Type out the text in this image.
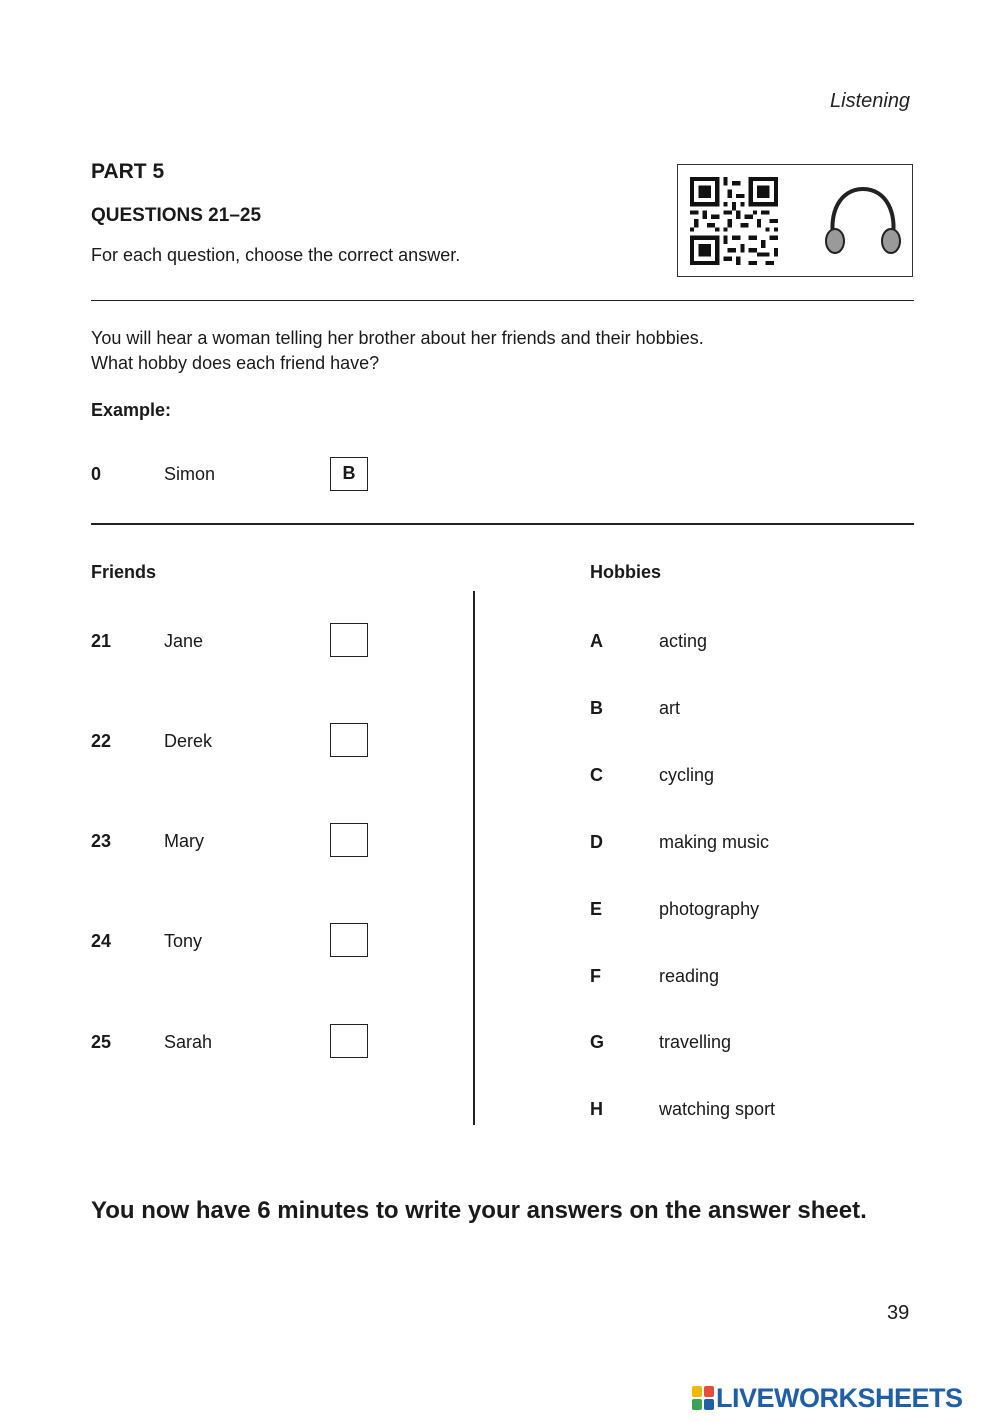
Listening
PART 5
QUESTIONS 21–25
For each question, choose the correct answer.
You will hear a woman telling her brother about her friends and their hobbies.
What hobby does each friend have?
Example:
0	Simon	B
Friends	Hobbies
21	Jane
22	Derek
23	Mary
24	Tony
25	Sarah
A	acting
B	art
C	cycling
D	making music
E	photography
F	reading
G	travelling
H	watching sport
You now have 6 minutes to write your answers on the answer sheet.
39
LIVEWORKSHEETS
